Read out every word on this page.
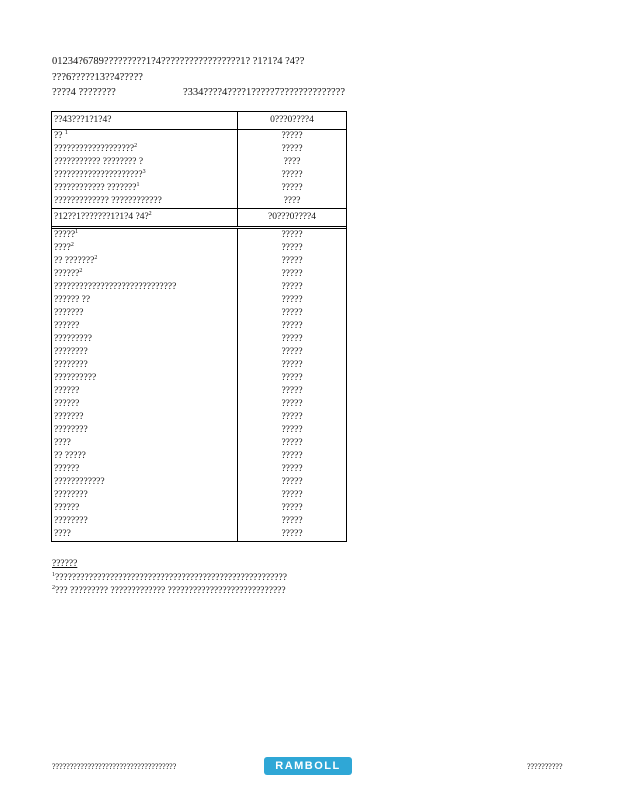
01234?6789?????????1?4?????????????????1? ?1?1?4 ?4??
???6?????13??4?????
????4 ????????	?334????4????1?????7??????????????
??43???1?1?4?	0???0????4
?? $^1$	?????
???????????????????$^2$	?????
??????????? ???????? ?	????
?????????????????????$^3$	?????
???????????? ???????$^1$	?????
????????????? ????????????	????
?12??1???????1?1?4 ?4?$^2$	?0???0????4
?????$^1$	?????
????$^2$	?????
?? ???????$^2$	?????
??????$^2$	?????
?????????????????????????????	?????
?????? ??	?????
???????	?????
??????	?????
?????????	?????
????????	?????
????????	?????
??????????	?????
??????	?????
??????	?????
???????	?????
????????	?????
????	?????
?? ?????	?????
??????	?????
????????????	?????
????????	?????
??????	?????
????????	?????
????	?????
??????
$^1$???????????????????????????????????????????????????????
$^2$??? ????????? ????????????? ????????????????????????????
???????????????????????????????????	RAMBOLL	??????????
